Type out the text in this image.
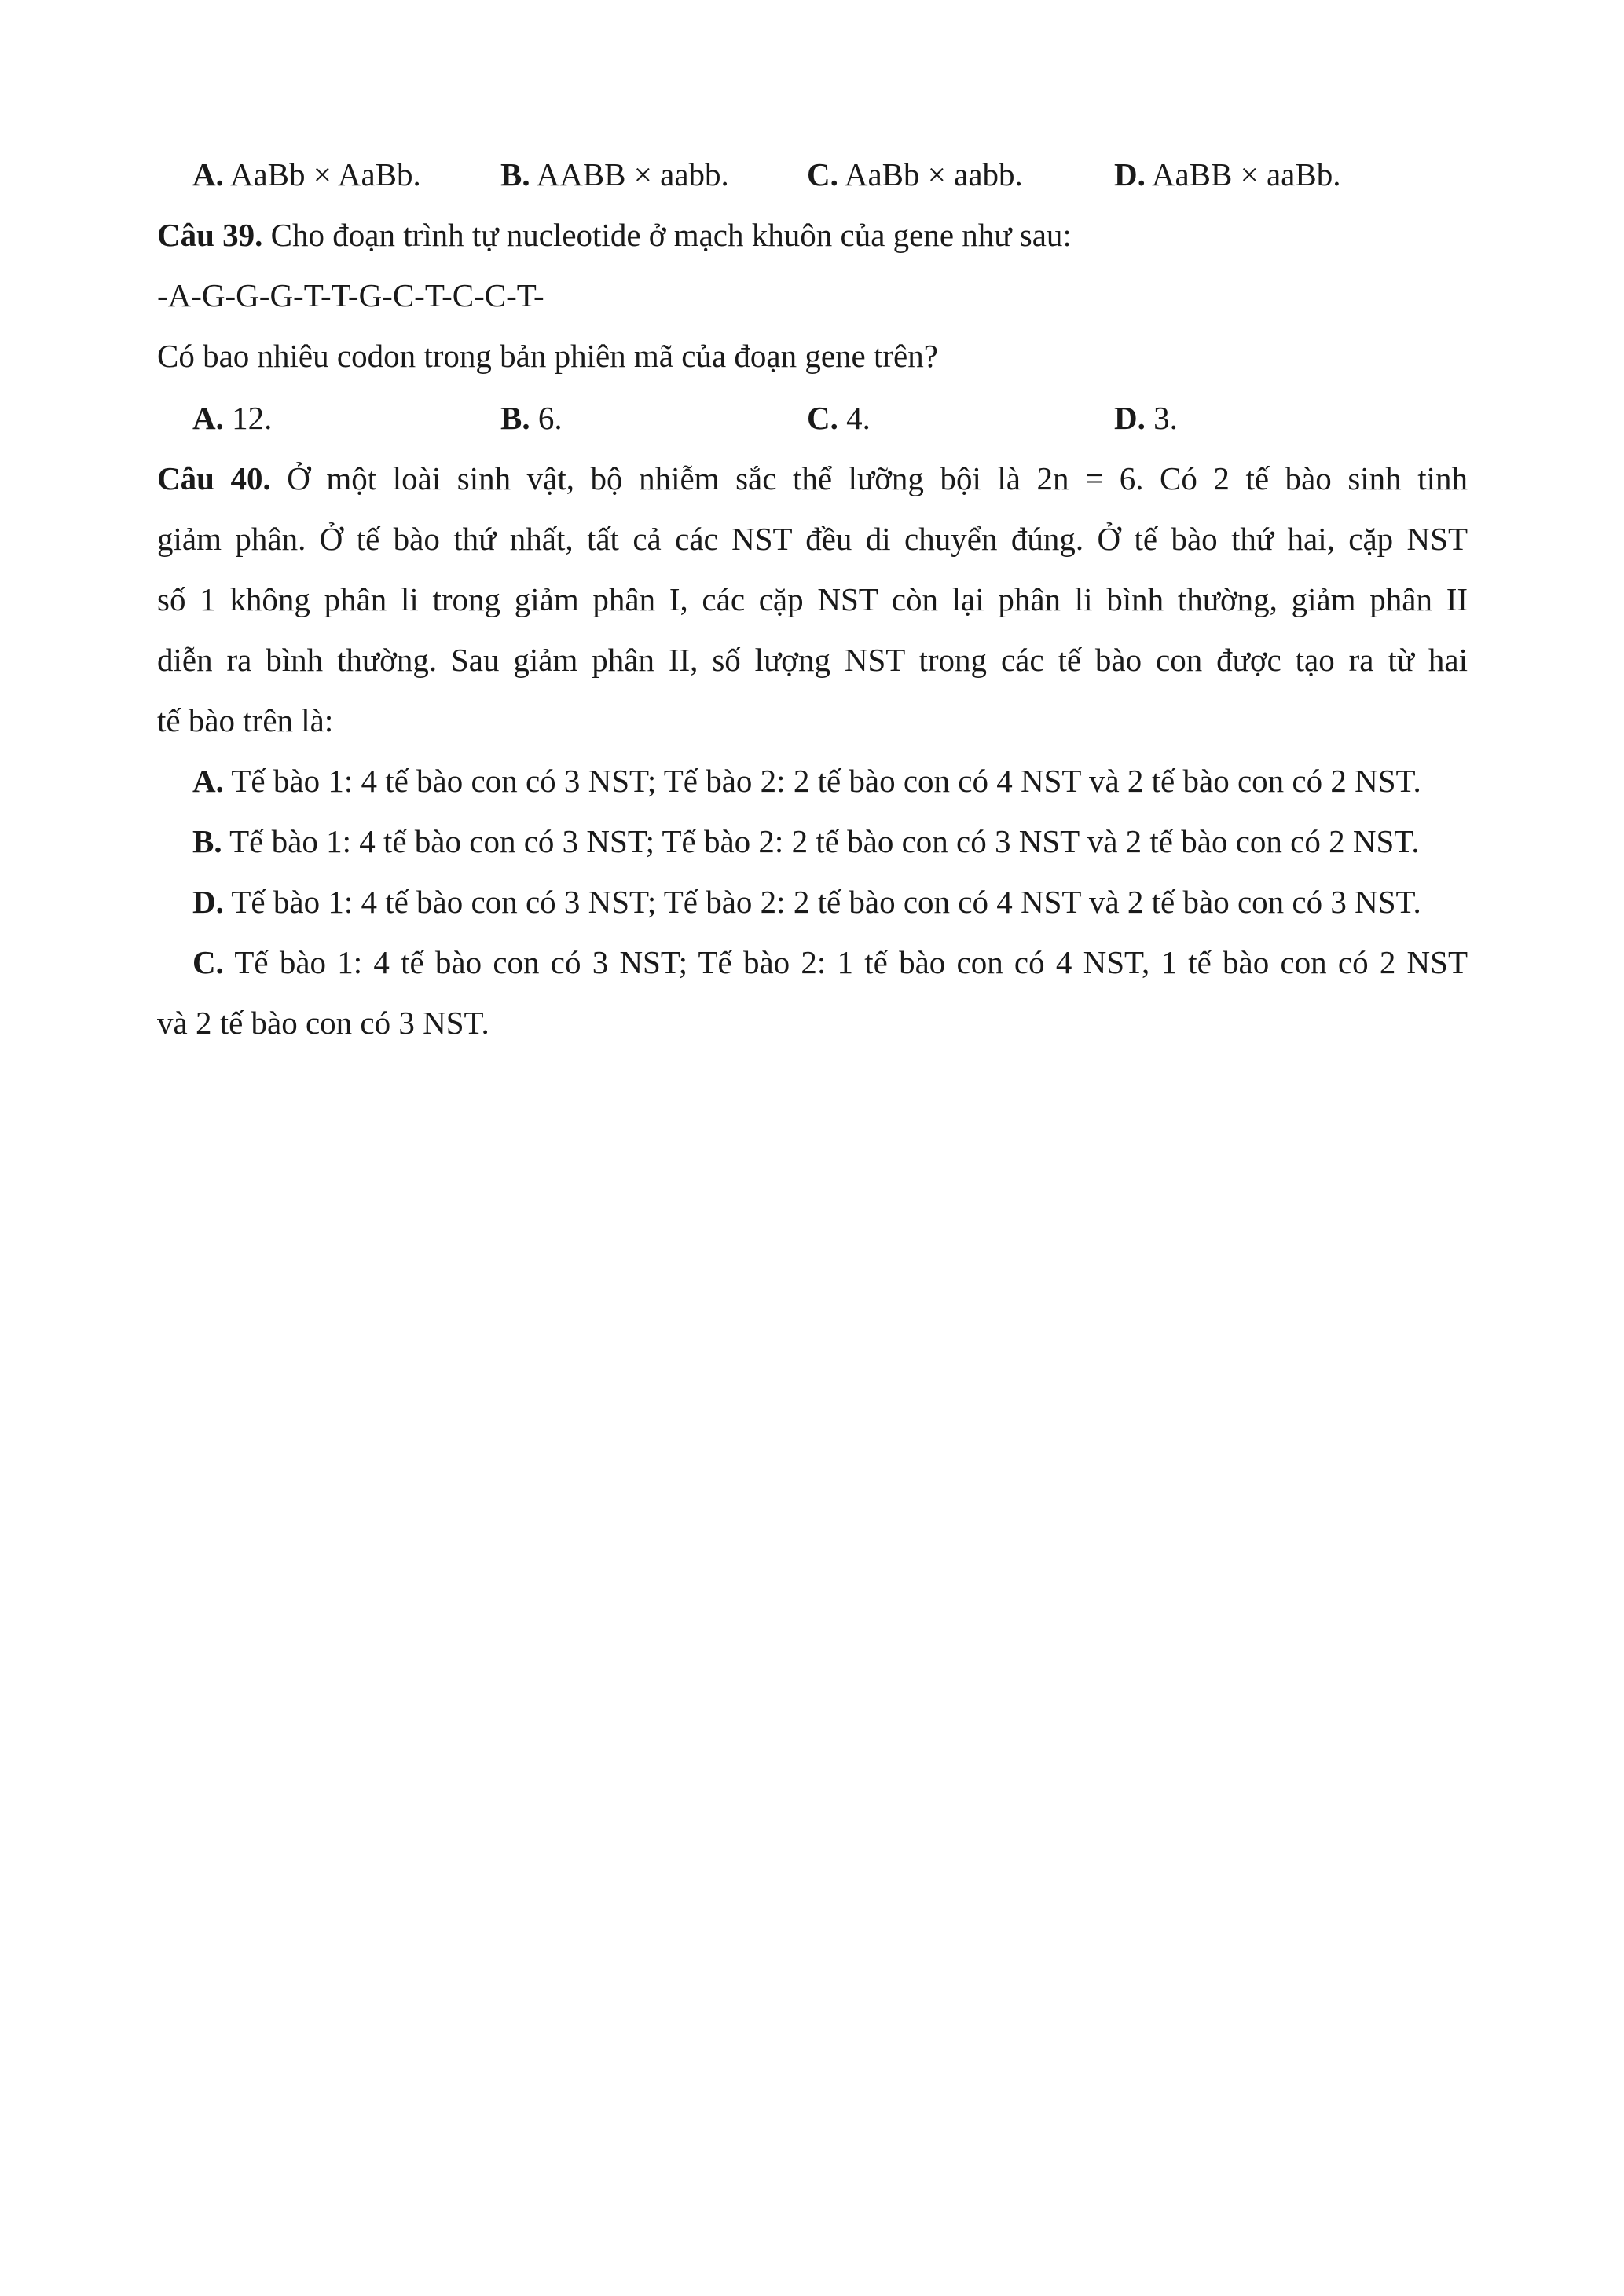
A. AaBb × AaBb. B. AABB × aabb. C. AaBb × aabb.	D. AaBB × aaBb.
Câu 39. Cho đoạn trình tự nucleotide ở mạch khuôn của gene như sau:
-A-G-G-G-T-T-G-C-T-C-C-T-
Có bao nhiêu codon trong bản phiên mã của đoạn gene trên?
A. 12.	B. 6.	C. 4.	D. 3.
Câu 40. Ở một loài sinh vật, bộ nhiễm sắc thể lưỡng bội là 2n = 6. Có 2 tế bào sinh tinh
giảm phân. Ở tế bào thứ nhất, tất cả các NST đều di chuyển đúng. Ở tế bào thứ hai, cặp NST
số 1 không phân li trong giảm phân I, các cặp NST còn lại phân li bình thường, giảm phân II
diễn ra bình thường. Sau giảm phân II, số lượng NST trong các tế bào con được tạo ra từ hai
tế bào trên là:
A. Tế bào 1: 4 tế bào con có 3 NST; Tế bào 2: 2 tế bào con có 4 NST và 2 tế bào con có 2 NST.
B. Tế bào 1: 4 tế bào con có 3 NST; Tế bào 2: 2 tế bào con có 3 NST và 2 tế bào con có 2 NST.
D. Tế bào 1: 4 tế bào con có 3 NST; Tế bào 2: 2 tế bào con có 4 NST và 2 tế bào con có 3 NST.
C. Tế bào 1: 4 tế bào con có 3 NST; Tế bào 2: 1 tế bào con có 4 NST, 1 tế bào con có 2 NST
và 2 tế bào con có 3 NST.
